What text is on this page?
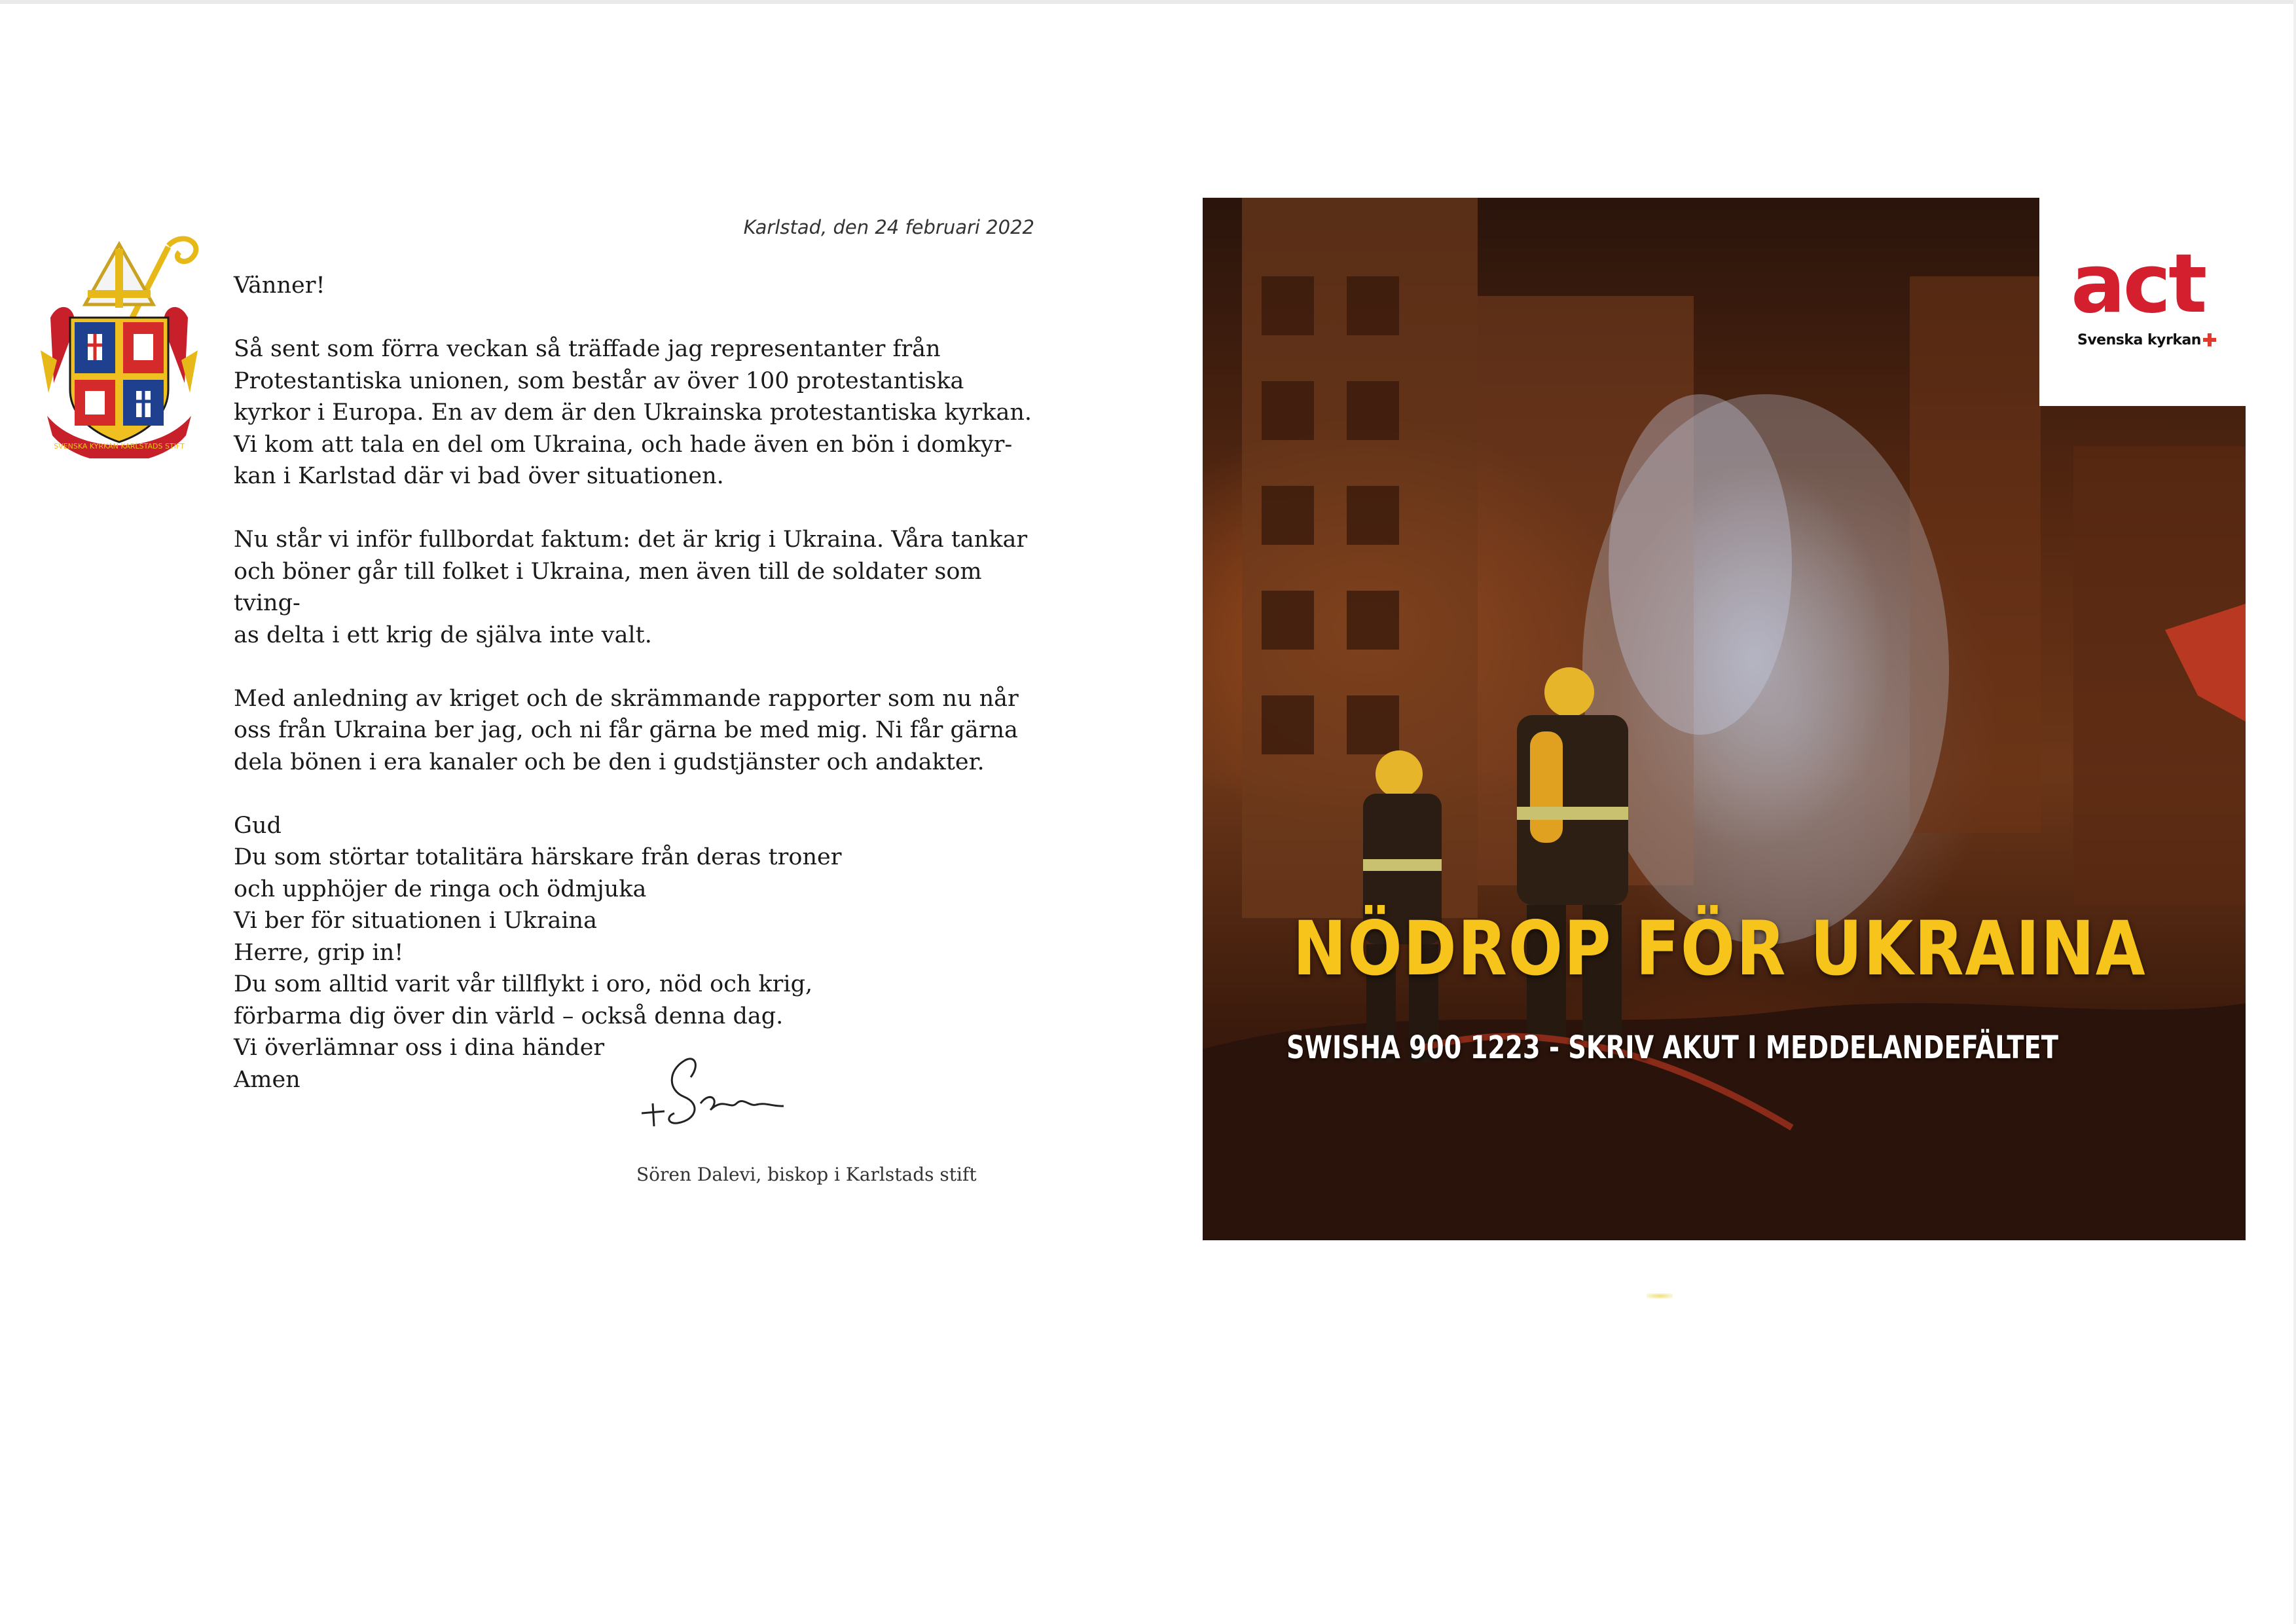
SVENSKA KYRKAN KARLSTADS STIFT
Karlstad, den 24 februari 2022

Vänner!

Så sent som förra veckan så träffade jag representanter från

Protestantiska unionen, som består av över 100 protestantiska

kyrkor i Europa. En av dem är den Ukrainska protestantiska kyrkan.

Vi kom att tala en del om Ukraina, och hade även en bön i domkyr-

kan i Karlstad där vi bad över situationen.

Nu står vi inför fullbordat faktum: det är krig i Ukraina. Våra tankar

och böner går till folket i Ukraina, men även till de soldater som tving-

as delta i ett krig de själva inte valt.

Med anledning av kriget och de skrämmande rapporter som nu når

oss från Ukraina ber jag, och ni får gärna be med mig. Ni får gärna

dela bönen i era kanaler och be den i gudstjänster och andakter.

Gud

Du som störtar totalitära härskare från deras troner

och upphöjer de ringa och ödmjuka

Vi ber för situationen i Ukraina

Herre, grip in!

Du som alltid varit vår tillflykt i oro, nöd och krig,

förbarma dig över din värld – också denna dag.

Vi överlämnar oss i dina händer

Amen

Sören Dalevi, biskop i Karlstads stift
act
Svenska kyrkan
NÖDROP FÖR UKRAINA
SWISHA 900 1223 - SKRIV AKUT I MEDDELANDEFÄLTET
